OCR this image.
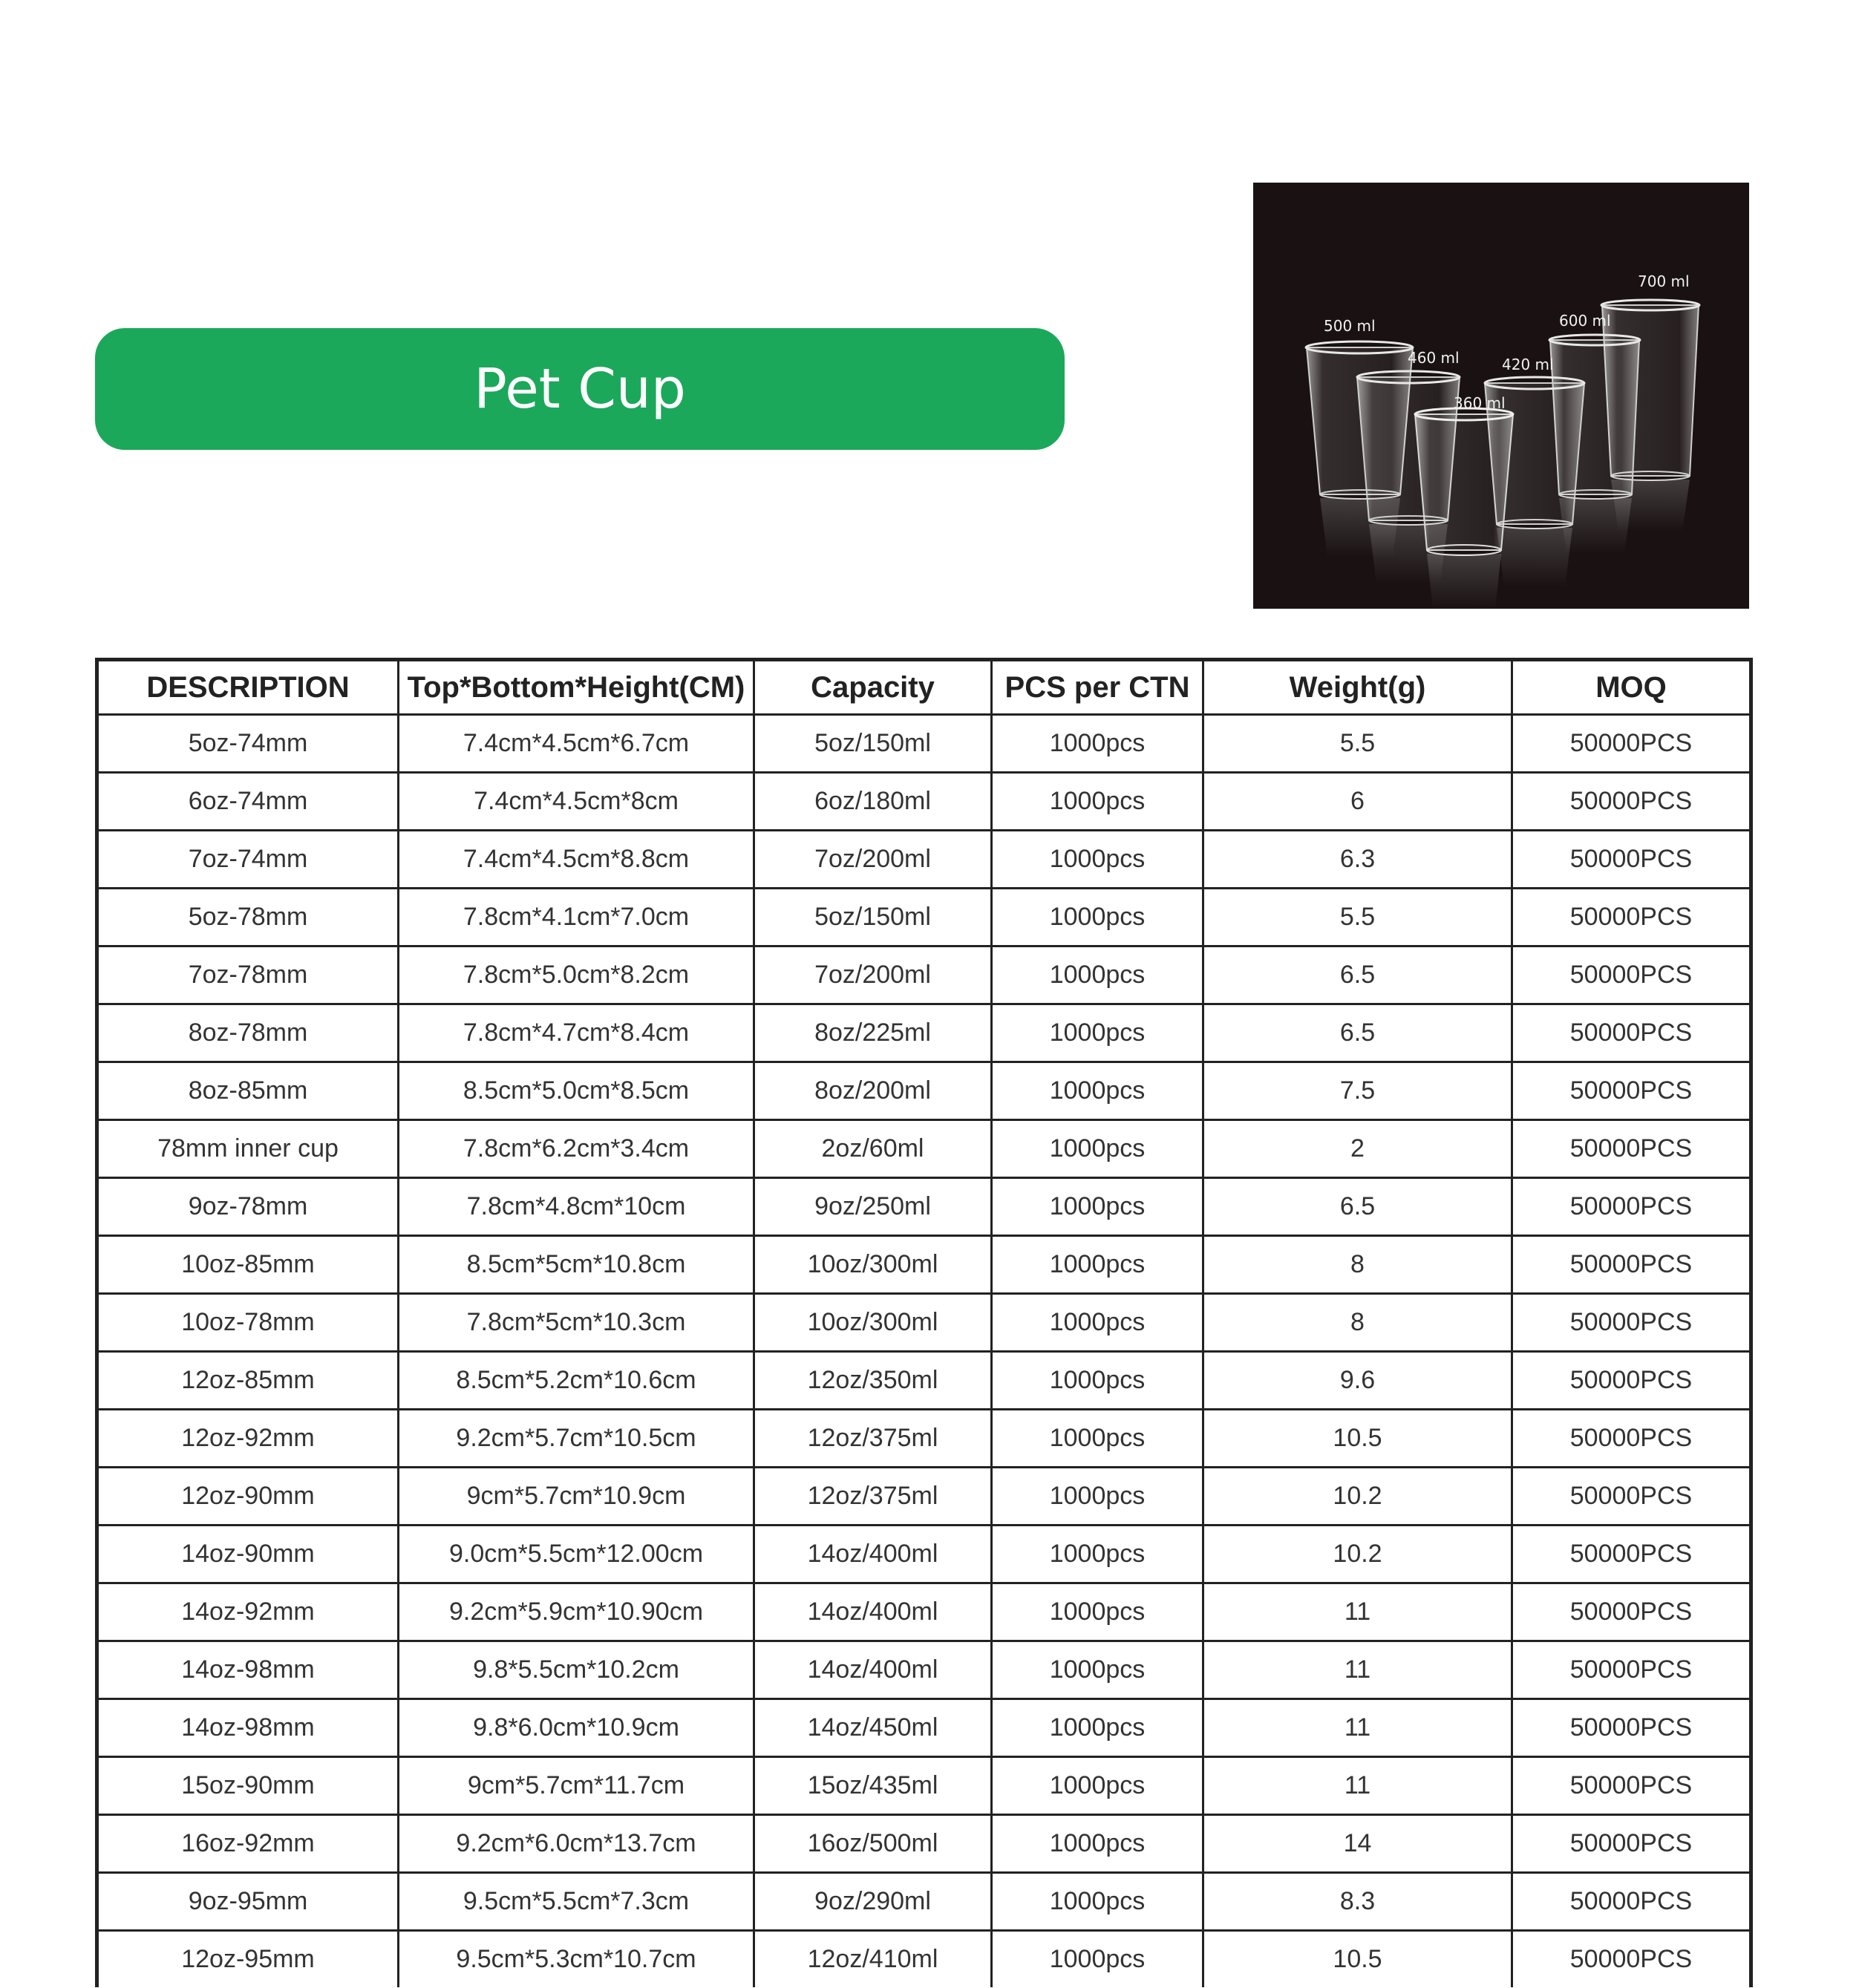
Pet Cup
500 ml
460 ml
360 ml
420 ml
600 ml
700 ml
DESCRIPTION	Top*Bottom*Height(CM)	Capacity	PCS per CTN	Weight(g)	MOQ
5oz-74mm	7.4cm*4.5cm*6.7cm	5oz/150ml	1000pcs	5.5	50000PCS
6oz-74mm	7.4cm*4.5cm*8cm	6oz/180ml	1000pcs	6	50000PCS
7oz-74mm	7.4cm*4.5cm*8.8cm	7oz/200ml	1000pcs	6.3	50000PCS
5oz-78mm	7.8cm*4.1cm*7.0cm	5oz/150ml	1000pcs	5.5	50000PCS
7oz-78mm	7.8cm*5.0cm*8.2cm	7oz/200ml	1000pcs	6.5	50000PCS
8oz-78mm	7.8cm*4.7cm*8.4cm	8oz/225ml	1000pcs	6.5	50000PCS
8oz-85mm	8.5cm*5.0cm*8.5cm	8oz/200ml	1000pcs	7.5	50000PCS
78mm inner cup	7.8cm*6.2cm*3.4cm	2oz/60ml	1000pcs	2	50000PCS
9oz-78mm	7.8cm*4.8cm*10cm	9oz/250ml	1000pcs	6.5	50000PCS
10oz-85mm	8.5cm*5cm*10.8cm	10oz/300ml	1000pcs	8	50000PCS
10oz-78mm	7.8cm*5cm*10.3cm	10oz/300ml	1000pcs	8	50000PCS
12oz-85mm	8.5cm*5.2cm*10.6cm	12oz/350ml	1000pcs	9.6	50000PCS
12oz-92mm	9.2cm*5.7cm*10.5cm	12oz/375ml	1000pcs	10.5	50000PCS
12oz-90mm	9cm*5.7cm*10.9cm	12oz/375ml	1000pcs	10.2	50000PCS
14oz-90mm	9.0cm*5.5cm*12.00cm	14oz/400ml	1000pcs	10.2	50000PCS
14oz-92mm	9.2cm*5.9cm*10.90cm	14oz/400ml	1000pcs	11	50000PCS
14oz-98mm	9.8*5.5cm*10.2cm	14oz/400ml	1000pcs	11	50000PCS
14oz-98mm	9.8*6.0cm*10.9cm	14oz/450ml	1000pcs	11	50000PCS
15oz-90mm	9cm*5.7cm*11.7cm	15oz/435ml	1000pcs	11	50000PCS
16oz-92mm	9.2cm*6.0cm*13.7cm	16oz/500ml	1000pcs	14	50000PCS
9oz-95mm	9.5cm*5.5cm*7.3cm	9oz/290ml	1000pcs	8.3	50000PCS
12oz-95mm	9.5cm*5.3cm*10.7cm	12oz/410ml	1000pcs	10.5	50000PCS
